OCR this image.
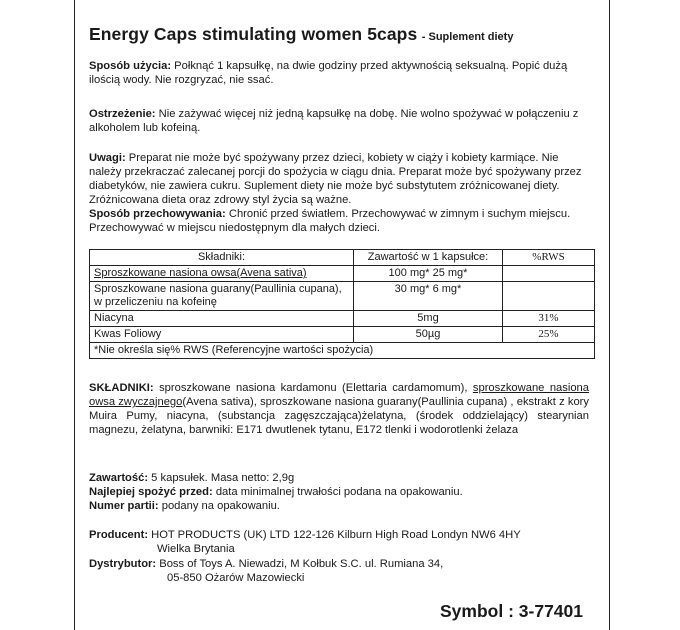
Energy Caps stimulating women 5caps - Suplement diety

Sposób użycia: Połknąć 1 kapsułkę, na dwie godziny przed aktywnością seksualną. Popić dużą ilością wody. Nie rozgryzać, nie ssać.

Ostrzeżenie: Nie zażywać więcej niż jedną kapsułkę na dobę. Nie wolno spożywać w połączeniu z alkoholem lub kofeiną.

Uwagi: Preparat nie może być spożywany przez dzieci, kobiety w ciąży i kobiety karmiące. Nie należy przekraczać zalecanej porcji do spożycia w ciągu dnia. Preparat może być spożywany przez diabetyków, nie zawiera cukru. Suplement diety nie może być substytutem zróżnicowanej diety. Zróżnicowana dieta oraz zdrowy styl życia są ważne.

Sposób przechowywania: Chronić przed światłem. Przechowywać w zimnym i suchym miejscu. Przechowywać w miejscu niedostępnym dla małych dzieci.

Składniki:	Zawartość w 1 kapsułce:	%RWS
Sproszkowane nasiona owsa(Avena sativa)	100 mg* 25 mg*	
Sproszkowane nasiona guarany(Paullinia cupana), w przeliczeniu na kofeinę	30 mg* 6 mg*	
Niacyna	5mg	31%
Kwas Foliowy	50µg	25%
*Nie określa się% RWS (Referencyjne wartości spożycia)		

SKŁADNIKI: sproszkowane nasiona kardamonu (Elettaria cardamomum), sproszkowane nasiona owsa zwyczajnego(Avena sativa), sproszkowane nasiona guarany(Paullinia cupana) , ekstrakt z kory Muira Pumy, niacyna, (substancja zagęszczająca)żelatyna, (środek oddzielający) stearynian magnezu, żelatyna, barwniki: E171 dwutlenek tytanu, E172 tlenki i wodorotlenki żelaza

Zawartość: 5 kapsułek. Masa netto: 2,9g

Najlepiej spożyć przed: data minimalnej trwałości podana na opakowaniu.

Numer partii: podany na opakowaniu.

Producent: HOT PRODUCTS (UK) LTD 122-126 Kilburn High Road Londyn NW6 4HY

Wielka Brytania

Dystrybutor: Boss of Toys A. Niewadzi, M Kołbuk S.C. ul. Rumiana 34,

05-850 Ożarów Mazowiecki

Symbol : 3-77401
